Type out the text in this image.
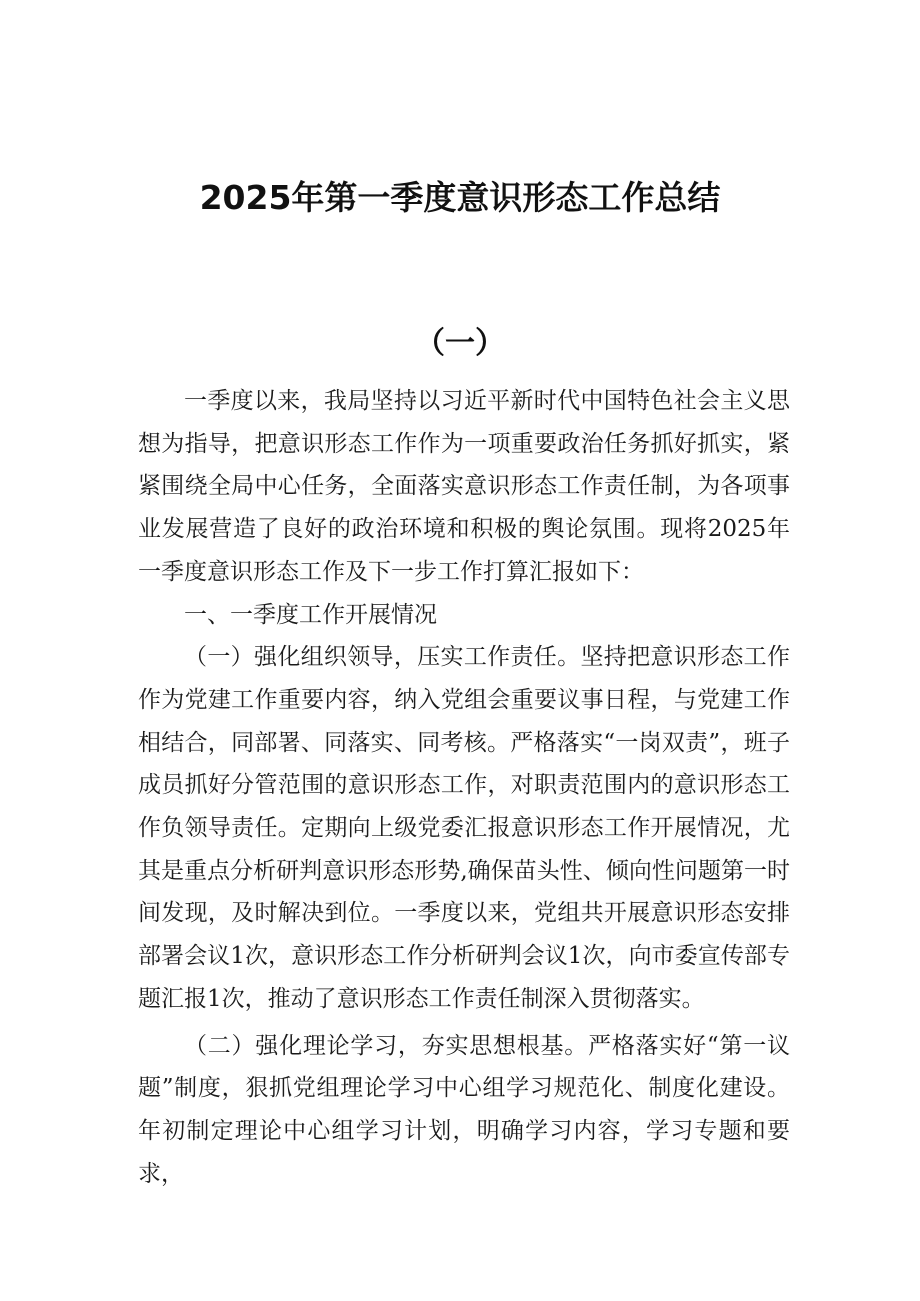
2025年第一季度意识形态工作总结
（一）

一季度以来，我局坚持以习近平新时代中国特色社会主义思想为指导，把意识形态工作作为一项重要政治任务抓好抓实，紧紧围绕全局中心任务，全面落实意识形态工作责任制，为各项事业发展营造了良好的政治环境和积极的舆论氛围。现将2025年一季度意识形态工作及下一步工作打算汇报如下：

一、一季度工作开展情况

（一）强化组织领导，压实工作责任。坚持把意识形态工作作为党建工作重要内容，纳入党组会重要议事日程，与党建工作相结合，同部署、同落实、同考核。严格落实“一岗双责”，班子成员抓好分管范围的意识形态工作，对职责范围内的意识形态工作负领导责任。定期向上级党委汇报意识形态工作开展情况，尤其是重点分析研判意识形态形势,确保苗头性、倾向性问题第一时间发现，及时解决到位。一季度以来，党组共开展意识形态安排部署会议1次，意识形态工作分析研判会议1次，向市委宣传部专题汇报1次，推动了意识形态工作责任制深入贯彻落实。

（二）强化理论学习，夯实思想根基。严格落实好“第一议题”制度，狠抓党组理论学习中心组学习规范化、制度化建设。年初制定理论中心组学习计划，明确学习内容，学习专题和要求，
